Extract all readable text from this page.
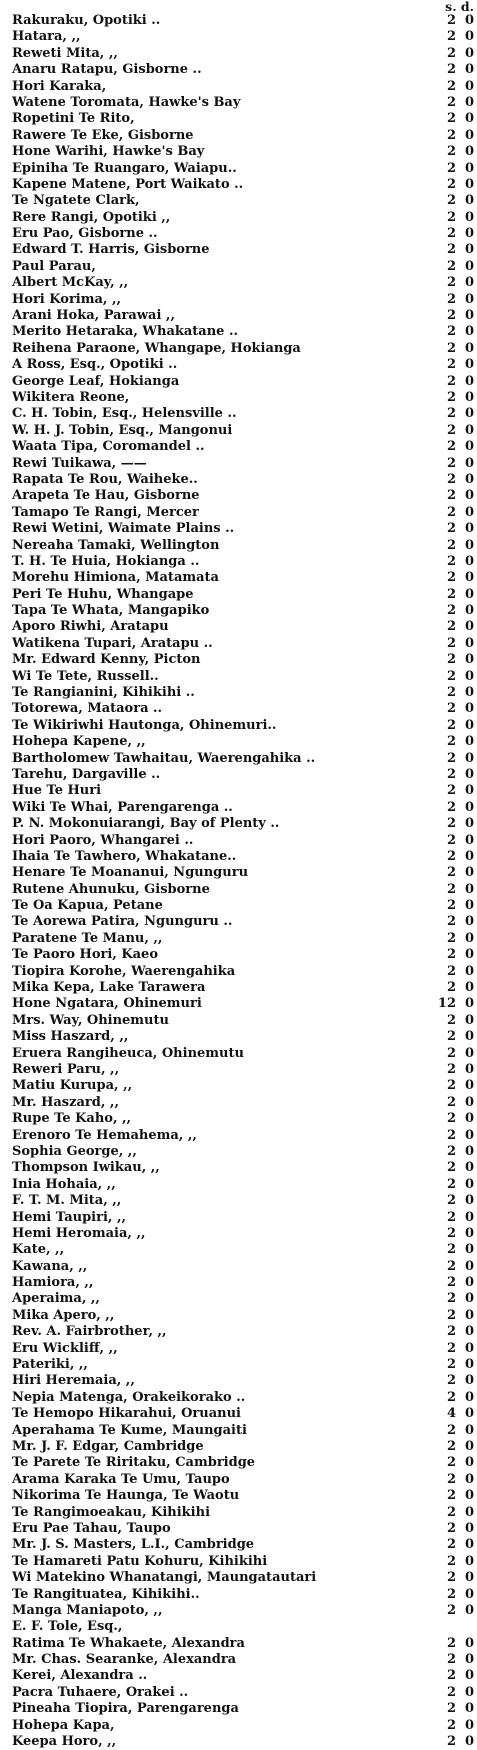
s. d.
Rakuraku, Opotiki ..	2 0
Hatara, ,,	2 0
Reweti Mita, ,,	2 0
Anaru Ratapu, Gisborne ..	2 0
Hori Karaka,	2 0
Watene Toromata, Hawke's Bay	2 0
Ropetini Te Rito,	2 0
Rawere Te Eke, Gisborne	2 0
Hone Warihi, Hawke's Bay	2 0
Epiniha Te Ruangaro, Waiapu..	2 0
Kapene Matene, Port Waikato ..	2 0
Te Ngatete Clark,	2 0
Rere Rangi, Opotiki ,,	2 0
Eru Pao, Gisborne ..	2 0
Edward T. Harris, Gisborne	2 0
Paul Parau,	2 0
Albert McKay, ,,	2 0
Hori Korima, ,,	2 0
Arani Hoka, Parawai ,,	2 0
Merito Hetaraka, Whakatane ..	2 0
Reihena Paraone, Whangape, Hokianga	2 0
A Ross, Esq., Opotiki ..	2 0
George Leaf, Hokianga	2 0
Wikitera Reone,	2 0
C. H. Tobin, Esq., Helensville ..	2 0
W. H. J. Tobin, Esq., Mangonui	2 0
Waata Tipa, Coromandel ..	2 0
Rewi Tuikawa, ——	2 0
Rapata Te Rou, Waiheke..	2 0
Arapeta Te Hau, Gisborne	2 0
Tamapo Te Rangi, Mercer	2 0
Rewi Wetini, Waimate Plains ..	2 0
Nereaha Tamaki, Wellington	2 0
T. H. Te Huia, Hokianga ..	2 0
Morehu Himiona, Matamata	2 0
Peri Te Huhu, Whangape	2 0
Tapa Te Whata, Mangapiko	2 0
Aporo Riwhi, Aratapu	2 0
Watikena Tupari, Aratapu ..	2 0
Mr. Edward Kenny, Picton	2 0
Wi Te Tete, Russell..	2 0
Te Rangianini, Kihikihi ..	2 0
Totorewa, Mataora ..	2 0
Te Wikiriwhi Hautonga, Ohinemuri..	2 0
Hohepa Kapene, ,,	2 0
Bartholomew Tawhaitau, Waerengahika ..	2 0
Tarehu, Dargaville ..	2 0
Hue Te Huri	2 0
Wiki Te Whai, Parengarenga ..	2 0
P. N. Mokonuiarangi, Bay of Plenty ..	2 0
Hori Paoro, Whangarei ..	2 0
Ihaia Te Tawhero, Whakatane..	2 0
Henare Te Moananui, Ngunguru	2 0
Rutene Ahunuku, Gisborne	2 0
Te Oa Kapua, Petane	2 0
Te Aorewa Patira, Ngunguru ..	2 0
Paratene Te Manu, ,,	2 0
Te Paoro Hori, Kaeo	2 0
Tiopira Korohe, Waerengahika	2 0
Mika Kepa, Lake Tarawera	2 0
Hone Ngatara, Ohinemuri	12 0
Mrs. Way, Ohinemutu	2 0
Miss Haszard, ,,	2 0
Eruera Rangiheuca, Ohinemutu	2 0
Reweri Paru, ,,	2 0
Matiu Kurupa, ,,	2 0
Mr. Haszard, ,,	2 0
Rupe Te Kaho, ,,	2 0
Erenoro Te Hemahema, ,,	2 0
Sophia George, ,,	2 0
Thompson Iwikau, ,,	2 0
Inia Hohaia, ,,	2 0
F. T. M. Mita, ,,	2 0
Hemi Taupiri, ,,	2 0
Hemi Heromaia, ,,	2 0
Kate, ,,	2 0
Kawana, ,,	2 0
Hamiora, ,,	2 0
Aperaima, ,,	2 0
Mika Apero, ,,	2 0
Rev. A. Fairbrother, ,,	2 0
Eru Wickliff, ,,	2 0
Pateriki, ,,	2 0
Hiri Heremaia, ,,	2 0
Nepia Matenga, Orakeikorako ..	2 0
Te Hemopo Hikarahui, Oruanui	4 0
Aperahama Te Kume, Maungaiti	2 0
Mr. J. F. Edgar, Cambridge	2 0
Te Parete Te Riritaku, Cambridge	2 0
Arama Karaka Te Umu, Taupo	2 0
Nikorima Te Haunga, Te Waotu	2 0
Te Rangimoeakau, Kihikihi	2 0
Eru Pae Tahau, Taupo	2 0
Mr. J. S. Masters, L.I., Cambridge	2 0
Te Hamareti Patu Kohuru, Kihikihi	2 0
Wi Matekino Whanatangi, Maungatautari	2 0
Te Rangituatea, Kihikihi..	2 0
Manga Maniapoto, ,,	2 0
E. F. Tole, Esq.,
Ratima Te Whakaete, Alexandra	2 0
Mr. Chas. Searanke, Alexandra	2 0
Kerei, Alexandra ..	2 0
Pacra Tuhaere, Orakei ..	2 0
Pineaha Tiopira, Parengarenga	2 0
Hohepa Kapa,	2 0
Keepa Horo, ,,	2 0
